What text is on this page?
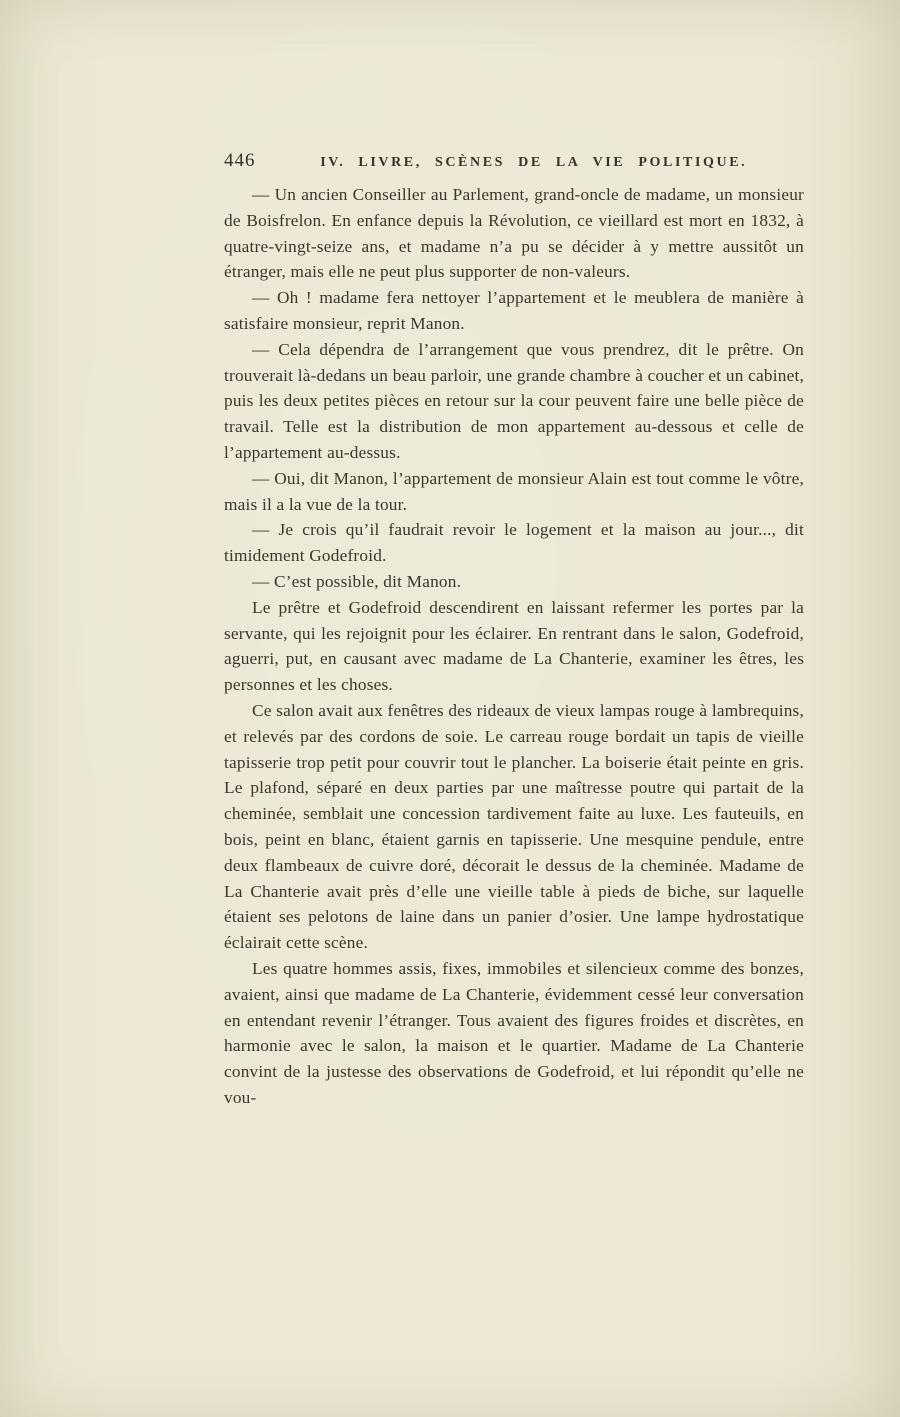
446	IV. LIVRE, SCÈNES DE LA VIE POLITIQUE.

— Un ancien Conseiller au Parlement, grand-oncle de madame, un monsieur de Boisfrelon. En enfance depuis la Révolution, ce vieillard est mort en 1832, à quatre-vingt-seize ans, et madame n’a pu se décider à y mettre aussitôt un étranger, mais elle ne peut plus supporter de non-valeurs.

— Oh ! madame fera nettoyer l’appartement et le meublera de manière à satisfaire monsieur, reprit Manon.

— Cela dépendra de l’arrangement que vous prendrez, dit le prêtre. On trouverait là-dedans un beau parloir, une grande chambre à coucher et un cabinet, puis les deux petites pièces en retour sur la cour peuvent faire une belle pièce de travail. Telle est la distribution de mon appartement au-dessous et celle de l’appartement au-dessus.

— Oui, dit Manon, l’appartement de monsieur Alain est tout comme le vôtre, mais il a la vue de la tour.

— Je crois qu’il faudrait revoir le logement et la maison au jour..., dit timidement Godefroid.

— C’est possible, dit Manon.

Le prêtre et Godefroid descendirent en laissant refermer les portes par la servante, qui les rejoignit pour les éclairer. En rentrant dans le salon, Godefroid, aguerri, put, en causant avec madame de La Chanterie, examiner les êtres, les personnes et les choses.

Ce salon avait aux fenêtres des rideaux de vieux lampas rouge à lambrequins, et relevés par des cordons de soie. Le carreau rouge bordait un tapis de vieille tapisserie trop petit pour couvrir tout le plancher. La boiserie était peinte en gris. Le plafond, séparé en deux parties par une maîtresse poutre qui partait de la cheminée, semblait une concession tardivement faite au luxe. Les fauteuils, en bois, peint en blanc, étaient garnis en tapisserie. Une mesquine pendule, entre deux flambeaux de cuivre doré, décorait le dessus de la cheminée. Madame de La Chanterie avait près d’elle une vieille table à pieds de biche, sur laquelle étaient ses pelotons de laine dans un panier d’osier. Une lampe hydrostatique éclairait cette scène.

Les quatre hommes assis, fixes, immobiles et silencieux comme des bonzes, avaient, ainsi que madame de La Chanterie, évidemment cessé leur conversation en entendant revenir l’étranger. Tous avaient des figures froides et discrètes, en harmonie avec le salon, la maison et le quartier. Madame de La Chanterie convint de la justesse des observations de Godefroid, et lui répondit qu’elle ne vou-
